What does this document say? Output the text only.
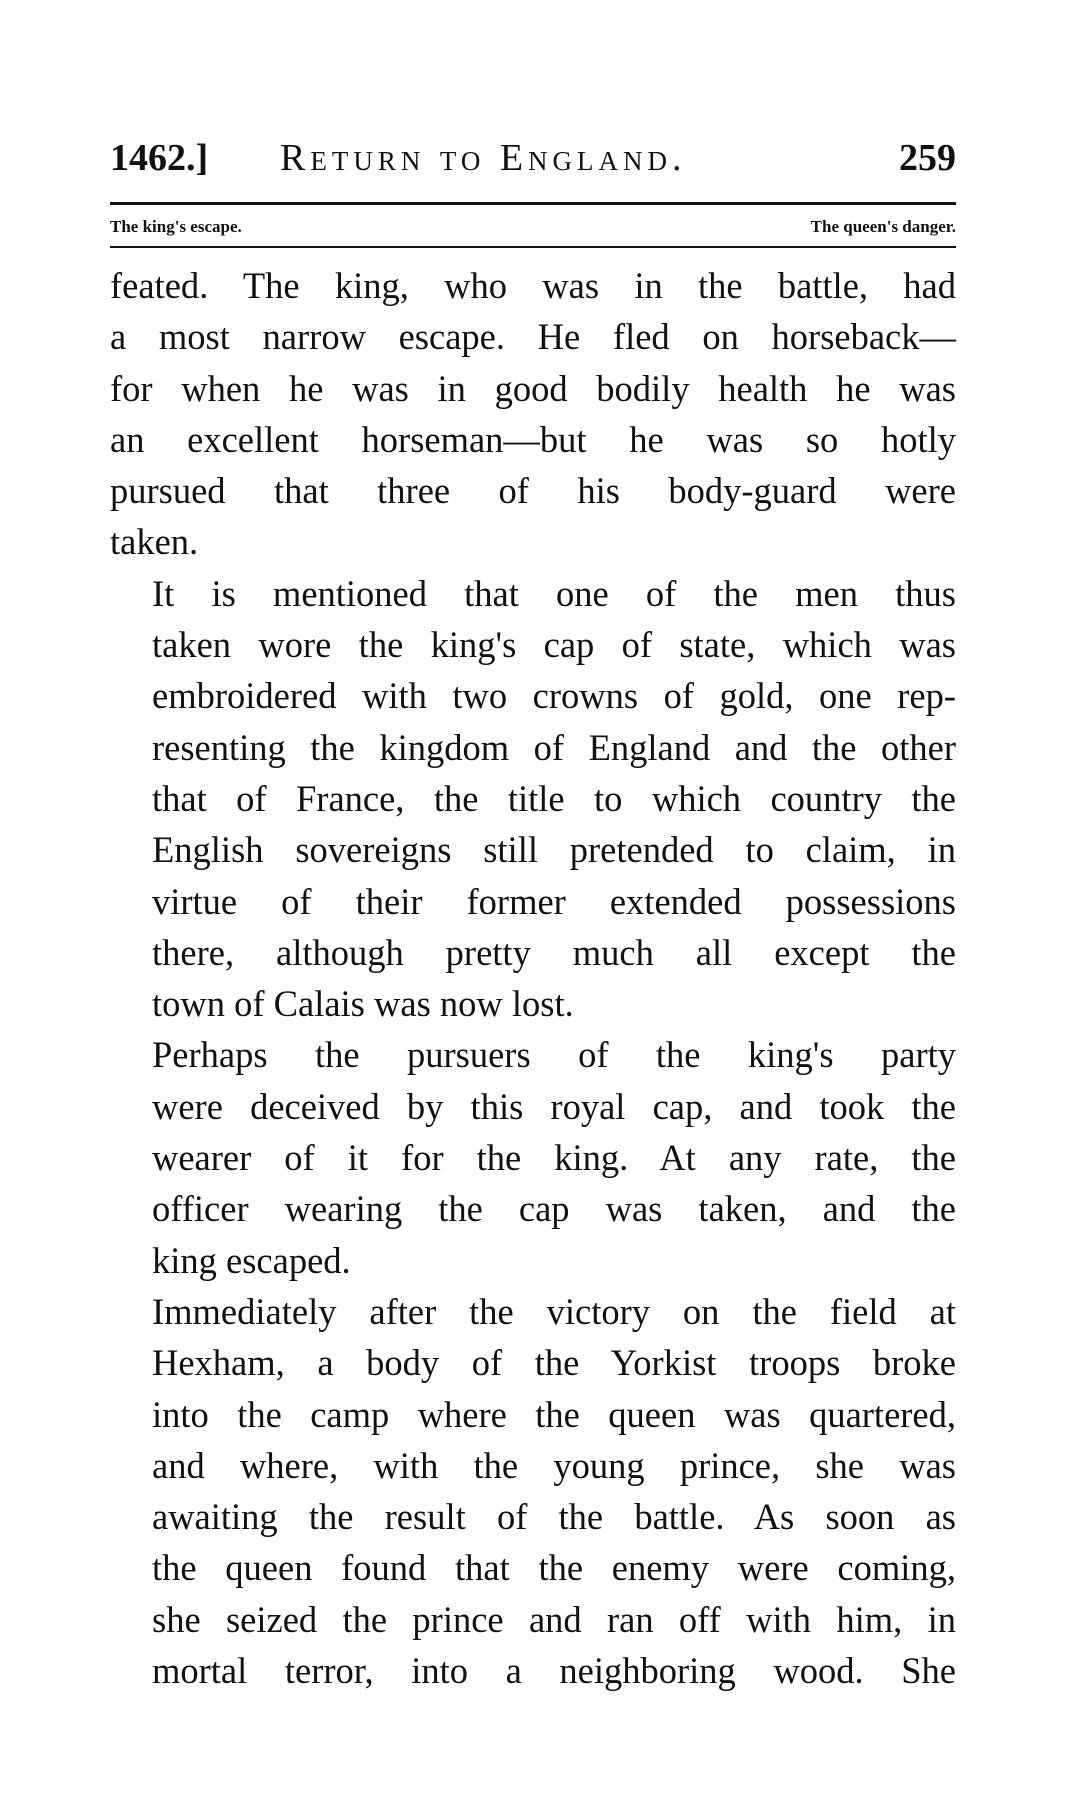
1462.] Return to England.	259
The king's escape.	The queen's danger.

feated. The king, who was in the battle, had
a most narrow escape. He fled on horseback—
for when he was in good bodily health he was
an excellent horseman—but he was so hotly
pursued that three of his body-guard were
taken.

It is mentioned that one of the men thus
taken wore the king's cap of state, which was
embroidered with two crowns of gold, one rep-
resenting the kingdom of England and the other
that of France, the title to which country the
English sovereigns still pretended to claim, in
virtue of their former extended possessions
there, although pretty much all except the
town of Calais was now lost.

Perhaps the pursuers of the king's party
were deceived by this royal cap, and took the
wearer of it for the king. At any rate, the
officer wearing the cap was taken, and the
king escaped.

Immediately after the victory on the field at
Hexham, a body of the Yorkist troops broke
into the camp where the queen was quartered,
and where, with the young prince, she was
awaiting the result of the battle. As soon as
the queen found that the enemy were coming,
she seized the prince and ran off with him, in
mortal terror, into a neighboring wood. She
